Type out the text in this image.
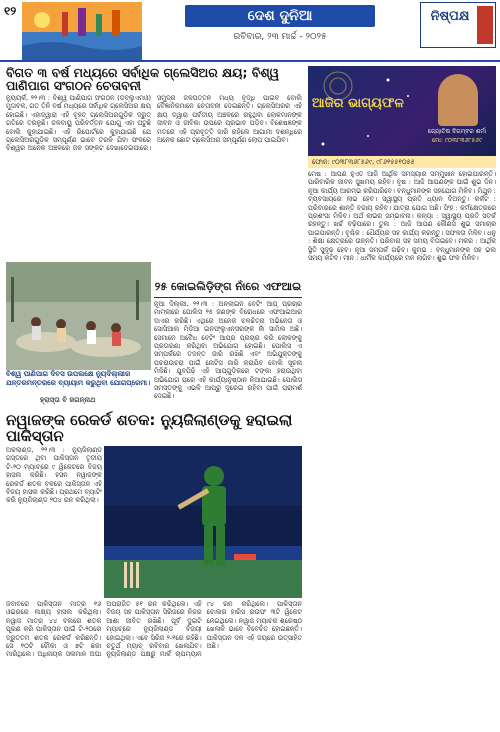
୧୨	ଦେଶ ଦୁନିଆ
ରବିବାର, ୨୩ ମାର୍ଚ୍ଚ - ୨୦୨୫
ନିଷ୍ପକ୍ଷ
ବିଗତ ୩ ବର୍ଷ ମଧ୍ୟରେ ସର୍ବାଧିକ ଗ୍ଲେସିଅର କ୍ଷୟ; ବିଶ୍ୱ ପାଣିପାଗ ସଂଗଠନ ଚେତାବନୀ
ନ୍ୟୁୟର୍କ, ୨୨।୩ : ବିଶ୍ୱ ପାଣିପାଗ ସଂଗଠନ (ଡବ୍ଲୁଏମଓ) ମୁତାବକ, ଗତ ତିନି ବର୍ଷ ମଧ୍ୟରେ ସର୍ବାଧିକ ଗ୍ଲେସିଅର କ୍ଷୟ ହୋଇଛି। ଏହାଦ୍ୱାରା ଏହି ବୃହତ୍ ଗ୍ଲେସିଅରଗୁଡ଼ିକ ଦ୍ରୁତ ଗତିରେ ତରଳୁଛି। ଜଳବାୟୁ ପରିବର୍ତ୍ତନ ଯୋଗୁ ଏହା ଘଟୁଛି ବୋଲି କୁହାଯାଇଛି। ଏହି ରିପୋର୍ଟରେ କୁହାଯାଇଛି ଯେ ଗ୍ଲେସିଅରଗୁଡ଼ିକ ସମ୍ପୂର୍ଣ୍ଣ ଭାବେ ତରଳି ଯିବା ଫଳରେ ବିଶ୍ୱର ଅନେକ ଅଞ୍ଚଳରେ ଜଳ ସଙ୍କଟ ଦେଖାଦେଇପାରେ। ସମୁଦ୍ର ଜଳପତ୍ତନ ମଧ୍ୟ ବୃଦ୍ଧି ପାଇବ ବୋଲି ବୈଜ୍ଞାନିକମାନେ ଚେତାବନୀ ଦେଇଛନ୍ତି। ଗ୍ଲେସିଅରର ଏହି କ୍ଷୟ ଦ୍ୱାରା ପର୍ବତୀୟ ଅଞ୍ଚଳରେ ରହୁଥିବା ଲୋକମାନଙ୍କ ଜୀବନ ଓ ଜୀବିକା ଉପରେ ପ୍ରଭାବ ପଡ଼ିବ। ବିଶେଷଜ୍ଞଙ୍କ ମତରେ ଏହି ପ୍ରବୃତ୍ତି ଜାରି ରହିଲେ ଆଗାମୀ ଦଶନ୍ଧିରେ ଅନେକ ଛୋଟ ଗ୍ଲେସିଅର ସମ୍ପୂର୍ଣ୍ଣ ଲୋପ ପାଇଯିବ।
ବିଶ୍ୱ ପାଣିପାଗ ଦିବସ ଉପଲକ୍ଷେ ନ୍ୟୁଦିଲ୍ଲୀର ଯନ୍ତରମନ୍ତରରେ ବ୍ୟାୟାମ କରୁଥିବା ଯୋଗପ୍ରେମୀ।
୨୫ କୋଇଲିଡ଼ିଙ୍ଗ ନାଁରେ ଏଫଆଇ
ନୂଆ ଦିଲ୍ଲୀ, ୨୨।୩ : ଅନଲାଇନ ବେଟିଂ ଆପ୍ ପ୍ରଚାର ମାମଲାରେ ପୋଲିସ ୨୫ ଜଣଙ୍କ ବିରୋଧରେ ଏଫଆଇଆର ଦାଏର କରିଛି। ଏଥିରେ ଅନେକ ଚଳଚ୍ଚିତ୍ର ଅଭିନେତା ଓ ସୋସିଆଲ ମିଡ଼ିଆ ଇନଫ୍ଲୁଏନ୍ସରଙ୍କ ନାଁ ସାମିଲ ଅଛି। ସେମାନେ ଅବୈଧ ବେଟିଂ ଆପ୍‌ର ପ୍ରଚାର କରି ଲୋକଙ୍କୁ ପ୍ରତାରଣା କରିଥିବା ଅଭିଯୋଗ ହୋଇଛି। ପୋଲିସ ଏ ସମ୍ପର୍କରେ ତଦନ୍ତ ଜାରି ରଖିଛି ଏବଂ ଅଭିଯୁକ୍ତଙ୍କୁ ପଚରାଉଚରା ପାଇଁ ନୋଟିସ ଜାରି କରାଯିବ ବୋଲି ସୂଚନା ମିଳିଛି। ଯୁବପିଢ଼ି ଏହି ଆପ୍‌ଗୁଡ଼ିକରେ ଟଙ୍କା ହରାଉଥିବା ଅଭିଯୋଗ ପରେ ଏହି କାର୍ଯ୍ୟାନୁଷ୍ଠାନ ନିଆଯାଇଛି। ପୋଲିସ ସମସ୍ତଙ୍କୁ ଏଭଳି ଆପ୍‌ରୁ ଦୂରେଇ ରହିବା ପାଇଁ ପରାମର୍ଶ ଦେଇଛି।
ହ୍ରାସ୍ତା ବି ଜଗନ୍ନାଥ
ଆଜିର ଭାଗ୍ୟଫଳ
ଜ୍ୟୋତିଷ ଦିଗମ୍ବର ଶର୍ମା
ମୋ: ୯୦୩୮୩୬୮୫୬୯
ଫୋନ: ୯୦୩୮୩୬୮୫୬୯, ୯୮୬୧୫୫୧୦୫୫
ମେଷ : ଆପଣ ହୁଏତ ଆଜି ଆର୍ଥିକ ସମସ୍ୟାର ସମ୍ମୁଖୀନ ହୋଇପାରନ୍ତି। ପାରିବାରିକ ଜୀବନ ସୁଖମୟ ରହିବ। ବୃଷ : ଆଜି ଆପଣଙ୍କ ପାଇଁ ଶୁଭ ଦିନ। ନୂଆ କାର୍ଯ୍ୟ ଆରମ୍ଭ କରିପାରିବେ। ବନ୍ଧୁମାନଙ୍କ ସହଯୋଗ ମିଳିବ। ମିଥୁନ : ବ୍ୟବସାୟରେ ଲାଭ ହେବ। ସ୍ୱାସ୍ଥ୍ୟ ପ୍ରତି ଧ୍ୟାନ ଦିଅନ୍ତୁ। କର୍କଟ : ପରିବାରରେ ଶାନ୍ତି ବଜାୟ ରହିବ। ଯାତ୍ରା ଯୋଗ ଅଛି। ସିଂହ : କର୍ମକ୍ଷେତ୍ରରେ ପ୍ରଶଂସା ମିଳିବ। ଅର୍ଥ ଲାଭର ସମ୍ଭାବନା। କନ୍ୟା : ସ୍ୱାସ୍ଥ୍ୟ ପ୍ରତି ସତର୍କ ରହନ୍ତୁ। ଖର୍ଚ୍ଚ ବଢ଼ିପାରେ। ତୁଳା : ଆଜି ଆପଣ କୌଣସି ଶୁଭ ସମାଚାର ପାଇପାରନ୍ତି। ବୃଶ୍ଚିକ : ଧୈର୍ଯ୍ୟର ସହ କାର୍ଯ୍ୟ କରନ୍ତୁ। ସଫଳତା ମିଳିବ। ଧନୁ : ଶିକ୍ଷା କ୍ଷେତ୍ରରେ ଉନ୍ନତି। ପରିବାର ସହ ସମୟ ବିତାଇବେ। ମକର : ଆର୍ଥିକ ସ୍ଥିତି ସୁଦୃଢ଼ ହେବ। ନୂଆ ସମ୍ପର୍କ ଗଢ଼ିବ। କୁମ୍ଭ : ବନ୍ଧୁମାନଙ୍କ ସହ ଭଲ ସମୟ କଟିବ। ମୀନ : ଧାର୍ମିକ କାର୍ଯ୍ୟରେ ମନ ଲାଗିବ। ଶୁଭ ଫଳ ମିଳିବ।
ନୱାଜଙ୍କ ରେକର୍ଡ ଶତକ: ନ୍ୟୁଜିଲାଣ୍ଡକୁ ହରାଇଲା ପାକିସ୍ତାନ
ଅକଲାଣ୍ଡ, ୨୨।୩ : ନ୍ୟୁଜିଲାଣ୍ଡ ଗସ୍ତରେ ଥିବା ପାକିସ୍ତାନ ତୃତୀୟ ଟି-୨୦ ମ୍ୟାଚ୍‌ରେ ୯ ୱିକେଟରେ ବିଜୟ ହାସଲ କରିଛି। ହସନ ନୱାଜଙ୍କ ରେକର୍ଡ ଶତକ ବଳରେ ପାକିସ୍ତାନ ଏହି ବିଜୟ ହାସଲ କରିଛି। ପ୍ରଥମେ ବ୍ୟାଟିଂ କରି ନ୍ୟୁଜିଲାଣ୍ଡ ୨୦୪ ରନ କରିଥିଲା।
ଜବାବରେ ପାକିସ୍ତାନ ମାତ୍ର ୧୬ ଓଭରରେ ଲକ୍ଷ୍ୟ ହାସଲ କରିଥିଲା। ନୱାଜ ମାତ୍ର ୪୪ ବଲରେ ଶତକ ପୂରଣ କରି ପାକିସ୍ତାନ ପାଇଁ ଟି-୨୦ରେ ଦ୍ରୁତତମ ଶତକ ରେକର୍ଡ କରିଛନ୍ତି। ସେ ୧୦ଟି ଚୌକା ଓ ୭ଟି ଛକା ମାରିଥିଲେ। ଅଧିନାୟକ ସଲମାନ ଅଘା ଅପରାଜିତ ୫୧ ରନ କରିଥିଲେ। ଏହି ବିଜୟ ସହ ପାକିସ୍ତାନ ସିରିଜରେ ନିଜର ଆଶା ଜୀବିତ ରଖିଛି। ପୂର୍ବ ଦୁଇଟି ମ୍ୟାଚ୍‌ରେ ନ୍ୟୁଜିଲାଣ୍ଡ ବିଜୟୀ ହୋଇଥିଲା। ଏବେ ସିରିଜ ୨-୧ରେ ରହିଛି। ଚତୁର୍ଥ ମ୍ୟାଚ୍ ରବିବାର ଖେଳାଯିବ। ନ୍ୟୁଜିଲାଣ୍ଡ ପକ୍ଷରୁ ମାର୍କ ଚାପମ୍ୟାନ ୯୪ ରନ କରିଥିଲେ। ପାକିସ୍ତାନ ବୋଲର ହାରିସ ରଉଫ ୩ଟି ୱିକେଟ ନେଇଥିଲେ। ନୱାଜ ମ୍ୟାଚର ଶ୍ରେଷ୍ଠ ଖେଳାଳି ଭାବେ ବିବେଚିତ ହୋଇଛନ୍ତି। ପାକିସ୍ତାନ ଦଳ ଏହି ଜୟରେ ଉତ୍ସାହିତ ଅଛି।
